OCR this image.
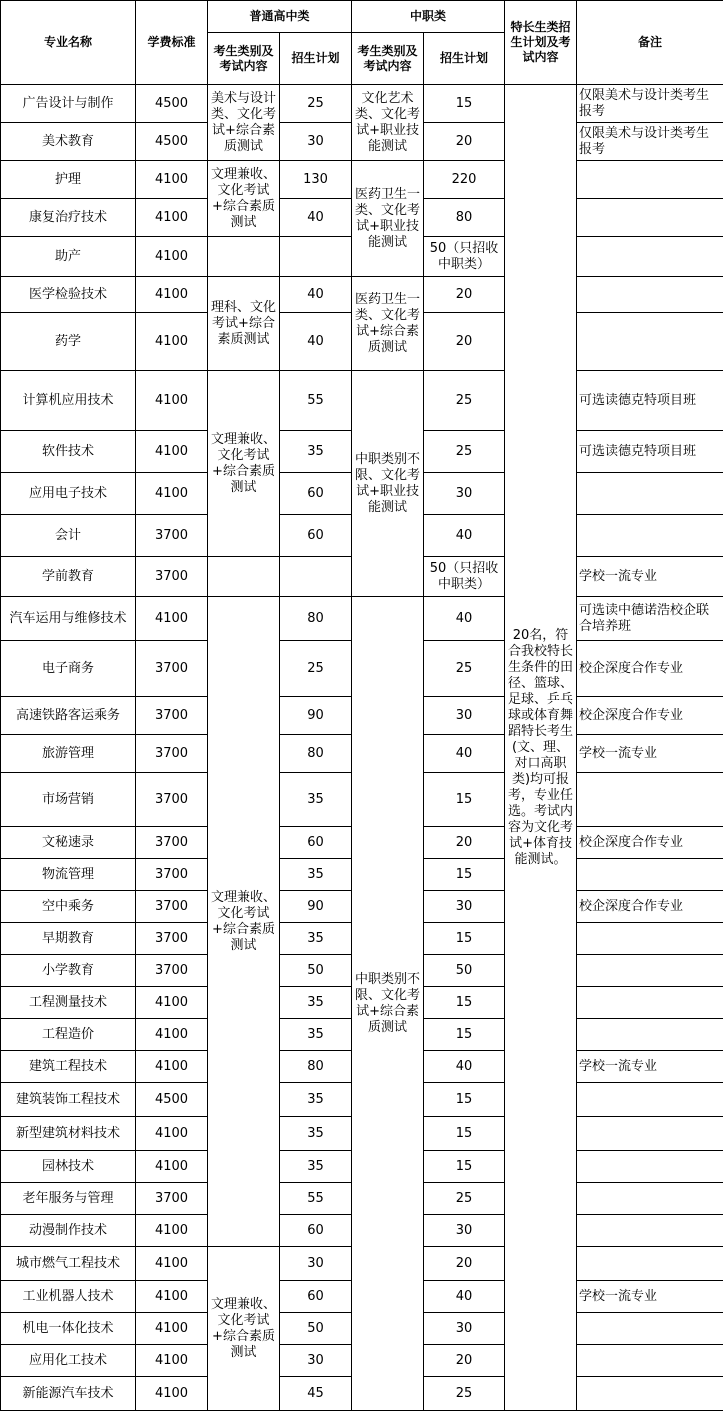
专业名称	学费标准	普通高中类		中职类		特长生类招生计划及考试内容	备注
		考生类别及考试内容	招生计划	考生类别及考试内容	招生计划		
广告设计与制作	4500	美术与设计类、文化考试+综合素质测试	25	文化艺术类、文化考试+职业技能测试	15	20名，符合我校特长生条件的田径、篮球、足球、乒乓球或体育舞蹈特长考生(文、理、对口高职类)均可报考，专业任选。考试内容为文化考试+体育技能测试。	仅限美术与设计类考生报考
美术教育	4500		30		20		仅限美术与设计类考生报考
护理	4100	文理兼收、文化考试+综合素质测试	130	医药卫生一类、文化考试+职业技能测试	220		
康复治疗技术	4100		40		80		
助产	4100				50（只招收中职类）		
医学检验技术	4100	理科、文化考试+综合素质测试	40	医药卫生一类、文化考试+综合素质测试	20		
药学	4100		40		20		
计算机应用技术	4100	文理兼收、文化考试+综合素质测试	55	中职类别不限、文化考试+职业技能测试	25		可选读德克特项目班
软件技术	4100		35		25		可选读德克特项目班
应用电子技术	4100		60		30		
会计	3700		60		40		
学前教育	3700				50（只招收中职类）		学校一流专业
汽车运用与维修技术	4100	文理兼收、文化考试+综合素质测试	80	中职类别不限、文化考试+综合素质测试	40		可选读中德诺浩校企联合培养班
电子商务	3700		25		25		校企深度合作专业
高速铁路客运乘务	3700		90		30		校企深度合作专业
旅游管理	3700		80		40		学校一流专业
市场营销	3700		35		15		
文秘速录	3700		60		20		校企深度合作专业
物流管理	3700		35		15		
空中乘务	3700		90		30		校企深度合作专业
早期教育	3700		35		15		
小学教育	3700		50		50		
工程测量技术	4100		35		15		
工程造价	4100		35		15		
建筑工程技术	4100		80		40		学校一流专业
建筑装饰工程技术	4500		35		15		
新型建筑材料技术	4100		35		15		
园林技术	4100		35		15		
老年服务与管理	3700		55		25		
动漫制作技术	4100		60		30		
城市燃气工程技术	4100	文理兼收、文化考试+综合素质测试	30		20		
工业机器人技术	4100		60		40		学校一流专业
机电一体化技术	4100		50		30		
应用化工技术	4100		30		20		
新能源汽车技术	4100		45		25		
